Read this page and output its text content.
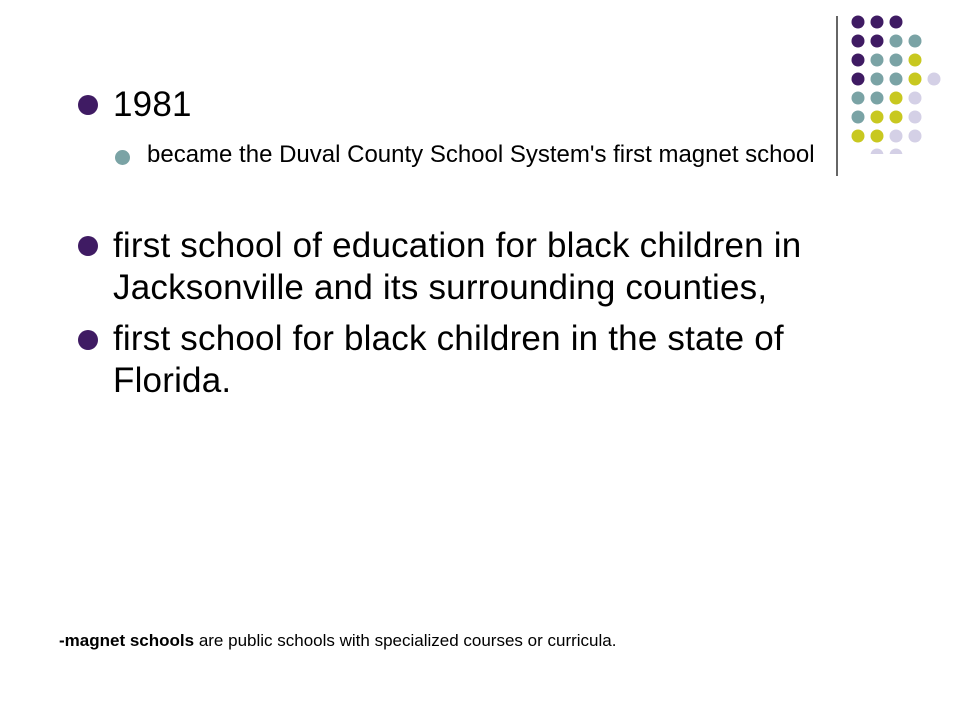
1981
became the Duval County School System's first magnet school
first school of education for black children in Jacksonville and its surrounding counties,
first school for black children in the state of Florida.
-magnet schools are public schools with specialized courses or curricula.
